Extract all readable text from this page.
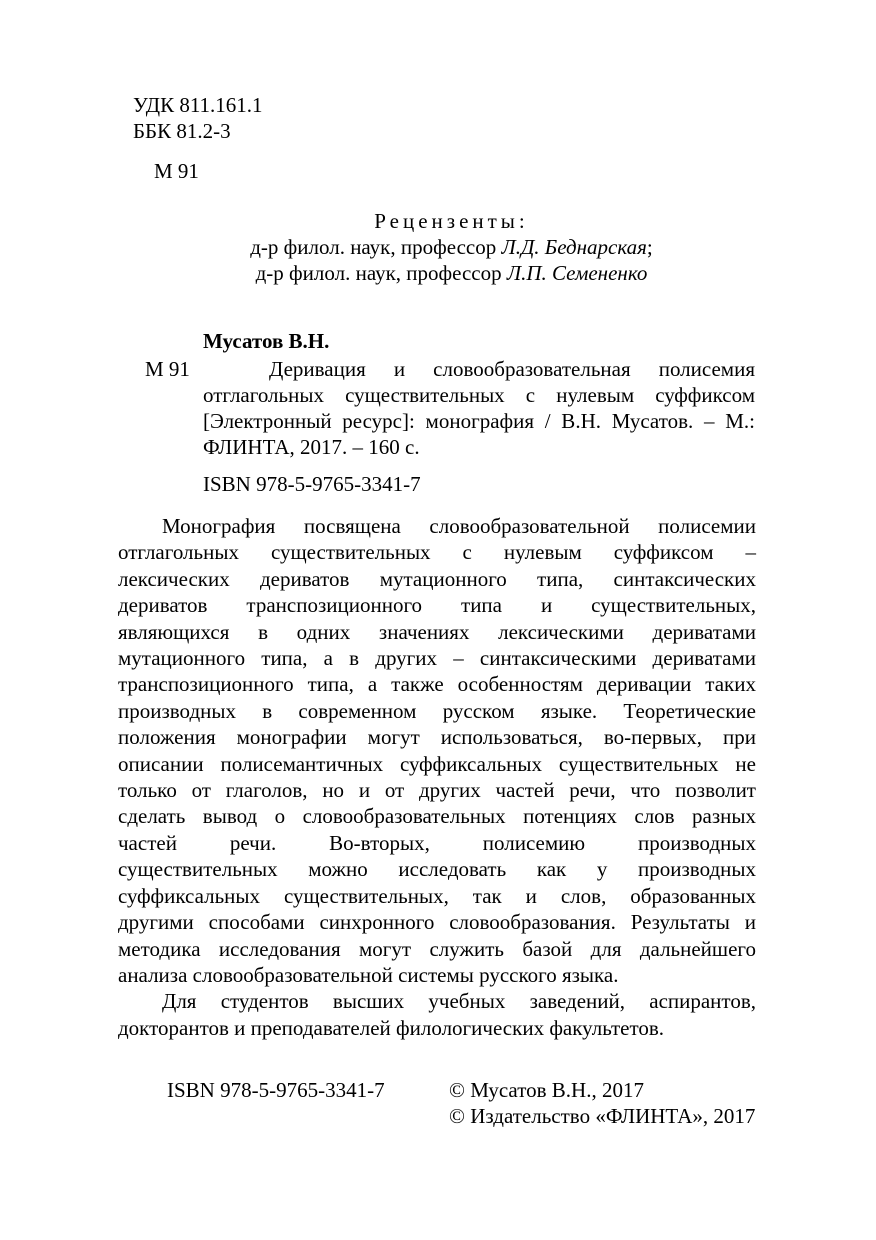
УДК 811.161.1
ББК 81.2-3
М 91
Рецензенты:
д-р филол. наук, профессор Л.Д. Беднарская;
д-р филол. наук, профессор Л.П. Семененко
Мусатов В.Н.
М 91	Деривация и словообразовательная полисемия
отглагольных существительных с нулевым суффиксом
[Электронный ресурс]: монография / В.Н. Мусатов. – М.:
ФЛИНТА, 2017. – 160 с.
ISBN 978-5-9765-3341-7
Монография посвящена словообразовательной полисемии
отглагольных существительных с нулевым суффиксом –
лексических дериватов мутационного типа, синтаксических
дериватов транспозиционного типа и существительных,
являющихся в одних значениях лексическими дериватами
мутационного типа, а в других – синтаксическими дериватами
транспозиционного типа, а также особенностям деривации таких
производных в современном русском языке. Теоретические
положения монографии могут использоваться, во-первых, при
описании полисемантичных суффиксальных существительных не
только от глаголов, но и от других частей речи, что позволит
сделать вывод о словообразовательных потенциях слов разных
частей речи. Во-вторых, полисемию производных
существительных можно исследовать как у производных
суффиксальных существительных, так и слов, образованных
другими способами синхронного словообразования. Результаты и
методика исследования могут служить базой для дальнейшего
анализа словообразовательной системы русского языка.
Для студентов высших учебных заведений, аспирантов,
докторантов и преподавателей филологических факультетов.
ISBN 978-5-9765-3341-7	© Мусатов В.Н., 2017
© Издательство «ФЛИНТА», 2017
